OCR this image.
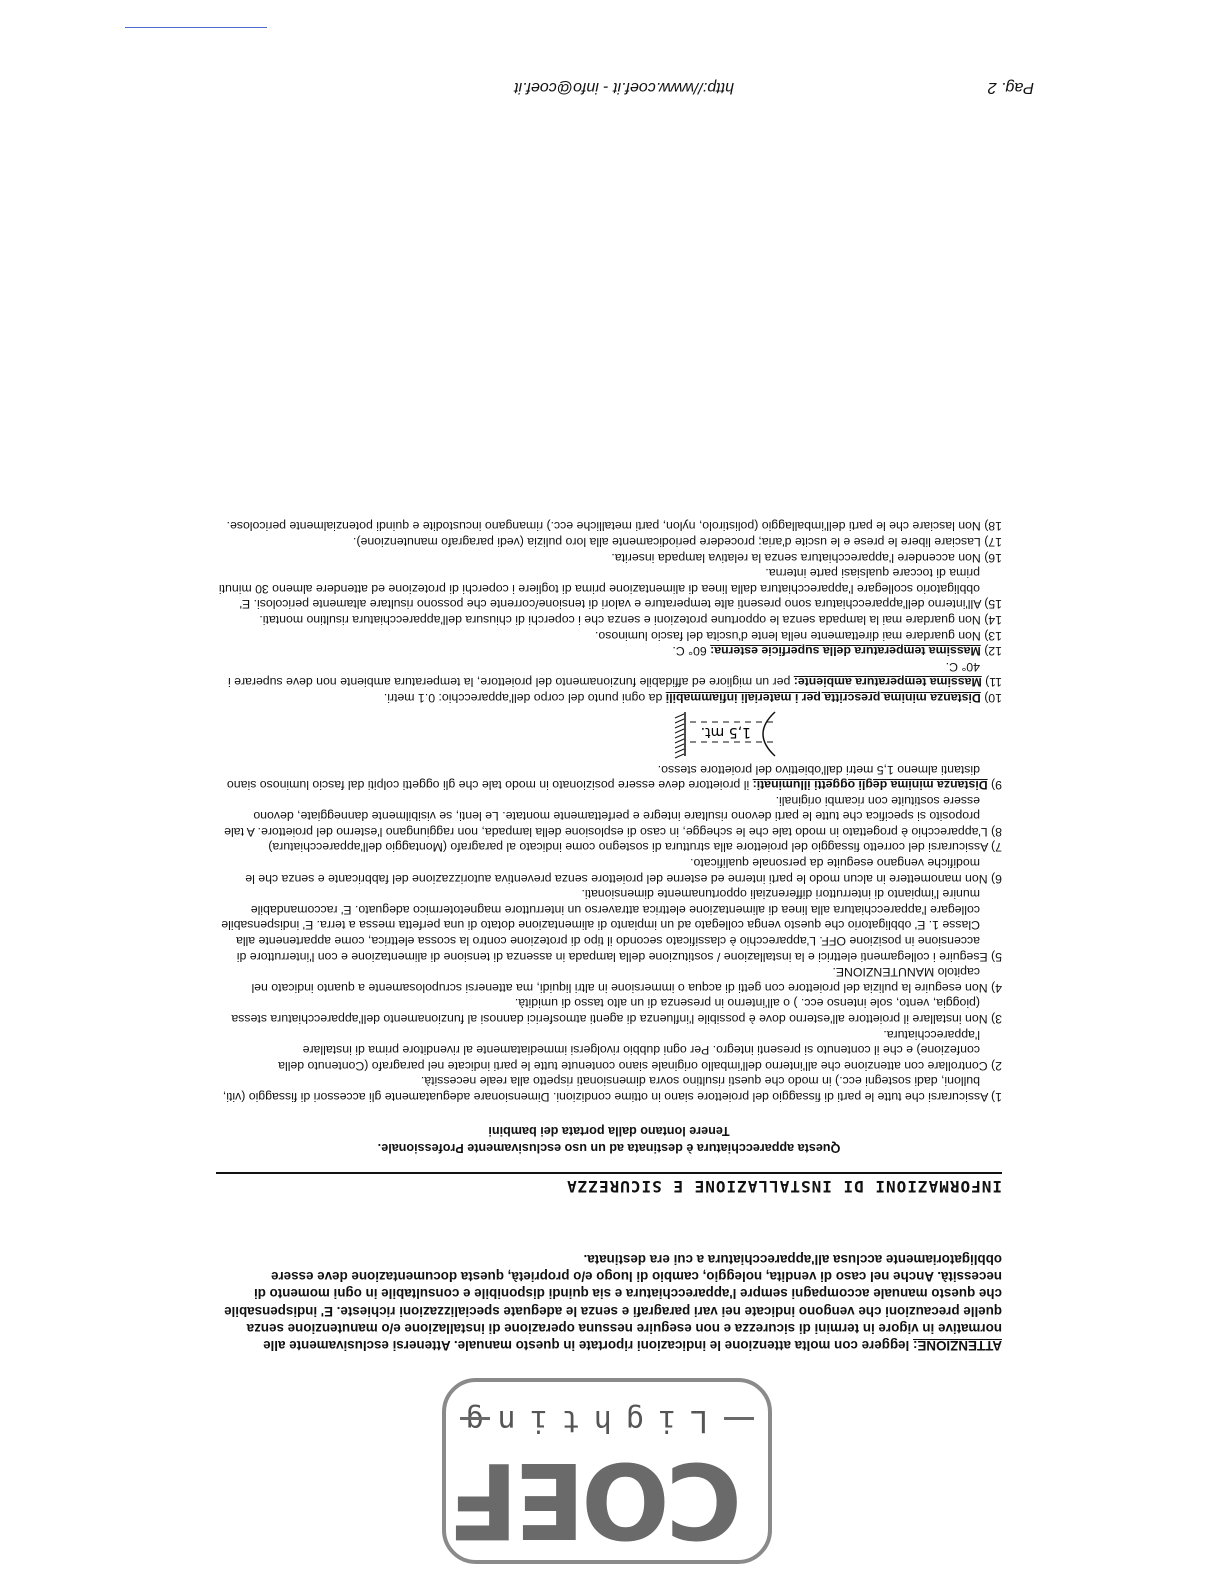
COEF
Lighting

ATTENZIONE: leggere con molta attenzione le indicazioni riportate in questo manuale. Attenersi esclusivamente alle normative in vigore in termini di sicurezza e non eseguire nessuna operazione di installazione e/o manutenzione senza quelle precauzioni che vengono indicate nei vari paragrafi e senza le adeguate specializzazioni richieste. E' indispensabile che questo manuale accompagni sempre l'apparecchiatura e sia quindi disponibile e consultabile in ogni momento di necessità. Anche nel caso di vendita, noleggio, cambio di luogo e/o proprietà, questa documentazione deve essere obbligatoriamente acclusa all'apparecchiatura a cui era destinata.

INFORMAZIONI DI INSTALLAZIONE E SICUREZZA
Questa apparecchiatura è destinata ad un uso esclusivamente Professionale.
Tenere lontano dalla portata dei bambini
1) Assicurarsi che tutte le parti di fissaggio del proiettore siano in ottime condizioni. Dimensionare adeguatamente gli accessori di fissaggio (viti, bulloni, dadi sostegni ecc.) in modo che questi risultino sovra dimensionati rispetto alla reale necessità.
2) Controllare con attenzione che all'interno dell'imballo originale siano contenute tutte le parti indicate nel paragrafo (Contenuto della confezione) e che il contenuto si presenti integro. Per ogni dubbio rivolgersi immediatamente al rivenditore prima di installare l'apparecchiatura.
3) Non installare il proiettore all'esterno dove è possibile l'influenza di agenti atmosferici dannosi al funzionamento dell'apparecchiatura stessa (pioggia, vento, sole intenso ecc. ) o all'interno in presenza di un alto tasso di umidità.
4) Non eseguire la pulizia del proiettore con getti di acqua o immersione in altri liquidi, ma attenersi scrupolosamente a quanto indicato nel capitolo MANUTENZIONE.
5) Eseguire i collegamenti elettrici e la installazione / sostituzione della lampada in assenza di tensione di alimentazione e con l'interruttore di accensione in posizione OFF. L'apparecchio è classificato secondo il tipo di protezione contro la scossa elettrica, come appartenente alla Classe 1. E' obbligatorio che questo venga collegato ad un impianto di alimentazione dotato di una perfetta messa a terra. E' indispensabile collegare l'apparecchiatura alla linea di alimentazione elettrica attraverso un interruttore magnetotermico adeguato. E' raccomandabile munire l'impianto di interruttori differenziali opportunamente dimensionati.
6) Non manomettere in alcun modo le parti interne ed esterne del proiettore senza preventiva autorizzazione del fabbricante e senza che le modifiche vengano eseguite da personale qualificato.
7) Assicurarsi del corretto fissaggio del proiettore alla struttura di sostegno come indicato al paragrafo (Montaggio dell'apparecchiatura)
8) L'apparecchio è progettato in modo tale che le schegge, in caso di esplosione della lampada, non raggiungano l'esterno del proiettore. A tale proposito si specifica che tutte le parti devono risultare integre e perfettamente montate. Le lenti, se visibilmente danneggiate, devono essere sostituite con ricambi originali.
9) Distanza minima degli oggetti illuminati: il proiettore deve essere posizionato in modo tale che gli oggetti colpiti dal fascio luminoso siano distanti almeno 1,5 metri dall'obiettivo del proiettore stesso.
1,5 mt.
10) Distanza minima prescritta per i materiali infiammabili da ogni punto del corpo dell'apparecchio: 0.1 metri.
11) Massima temperatura ambiente: per un migliore ed affidabile funzionamento del proiettore, la temperatura ambiente non deve superare i 40° C.
12) Massima temperatura della superficie esterna: 60° C.
13) Non guardare mai direttamente nella lente d'uscita del fascio luminoso.
14) Non guardare mai la lampada senza le opportune protezioni e senza che i coperchi di chiusura dell'apparecchiatura risultino montati.
15) All'interno dell'apparecchiatura sono presenti alte temperature e valori di tensione/corrente che possono risultare altamente pericolosi. E' obbligatorio scollegare l'apparecchiatura dalla linea di alimentazione prima di togliere i coperchi di protezione ed attendere almeno 30 minuti prima di toccare qualsiasi parte interna.
16) Non accendere l'apparecchiatura senza la relativa lampada inserita.
17) Lasciare libere le prese e le uscite d'aria; procedere periodicamente alla loro pulizia (vedi paragrafo manutenzione).
18) Non lasciare che le parti dell'imballaggio (polistirolo, nylon, parti metalliche ecc.) rimangano incustodite e quindi potenzialmente pericolose.
Pag. 2
http://www.coef.it - info@coef.it
